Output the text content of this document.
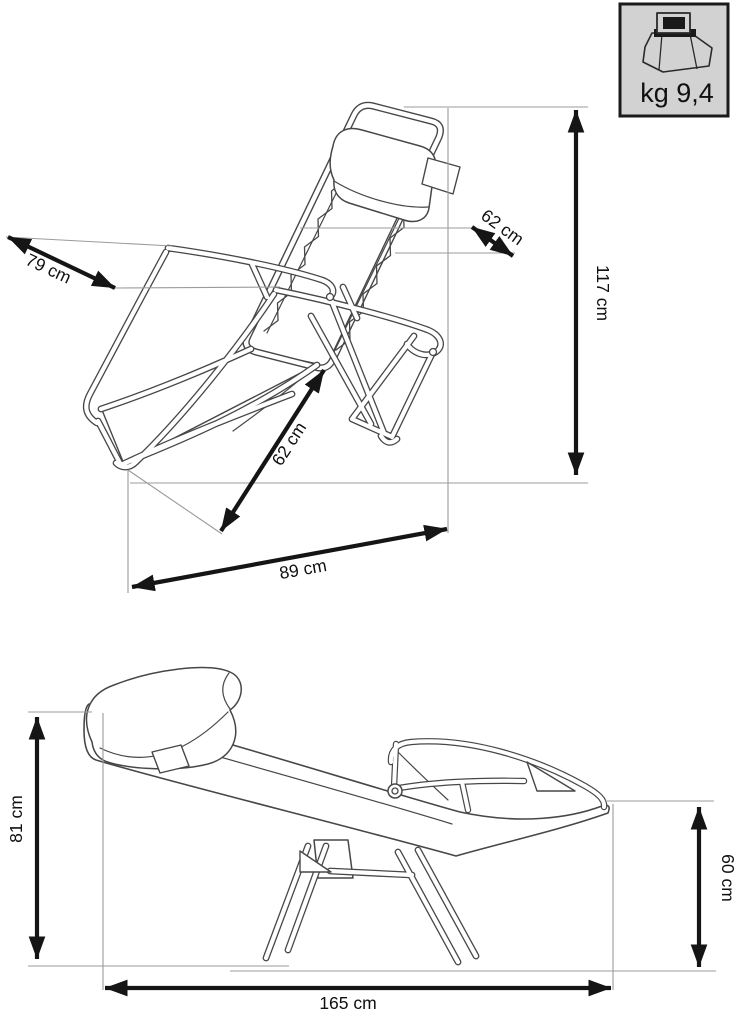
79 cm
62 cm
117 cm
62 cm
89 cm
81 cm
60 cm
165 cm
kg 9,4
